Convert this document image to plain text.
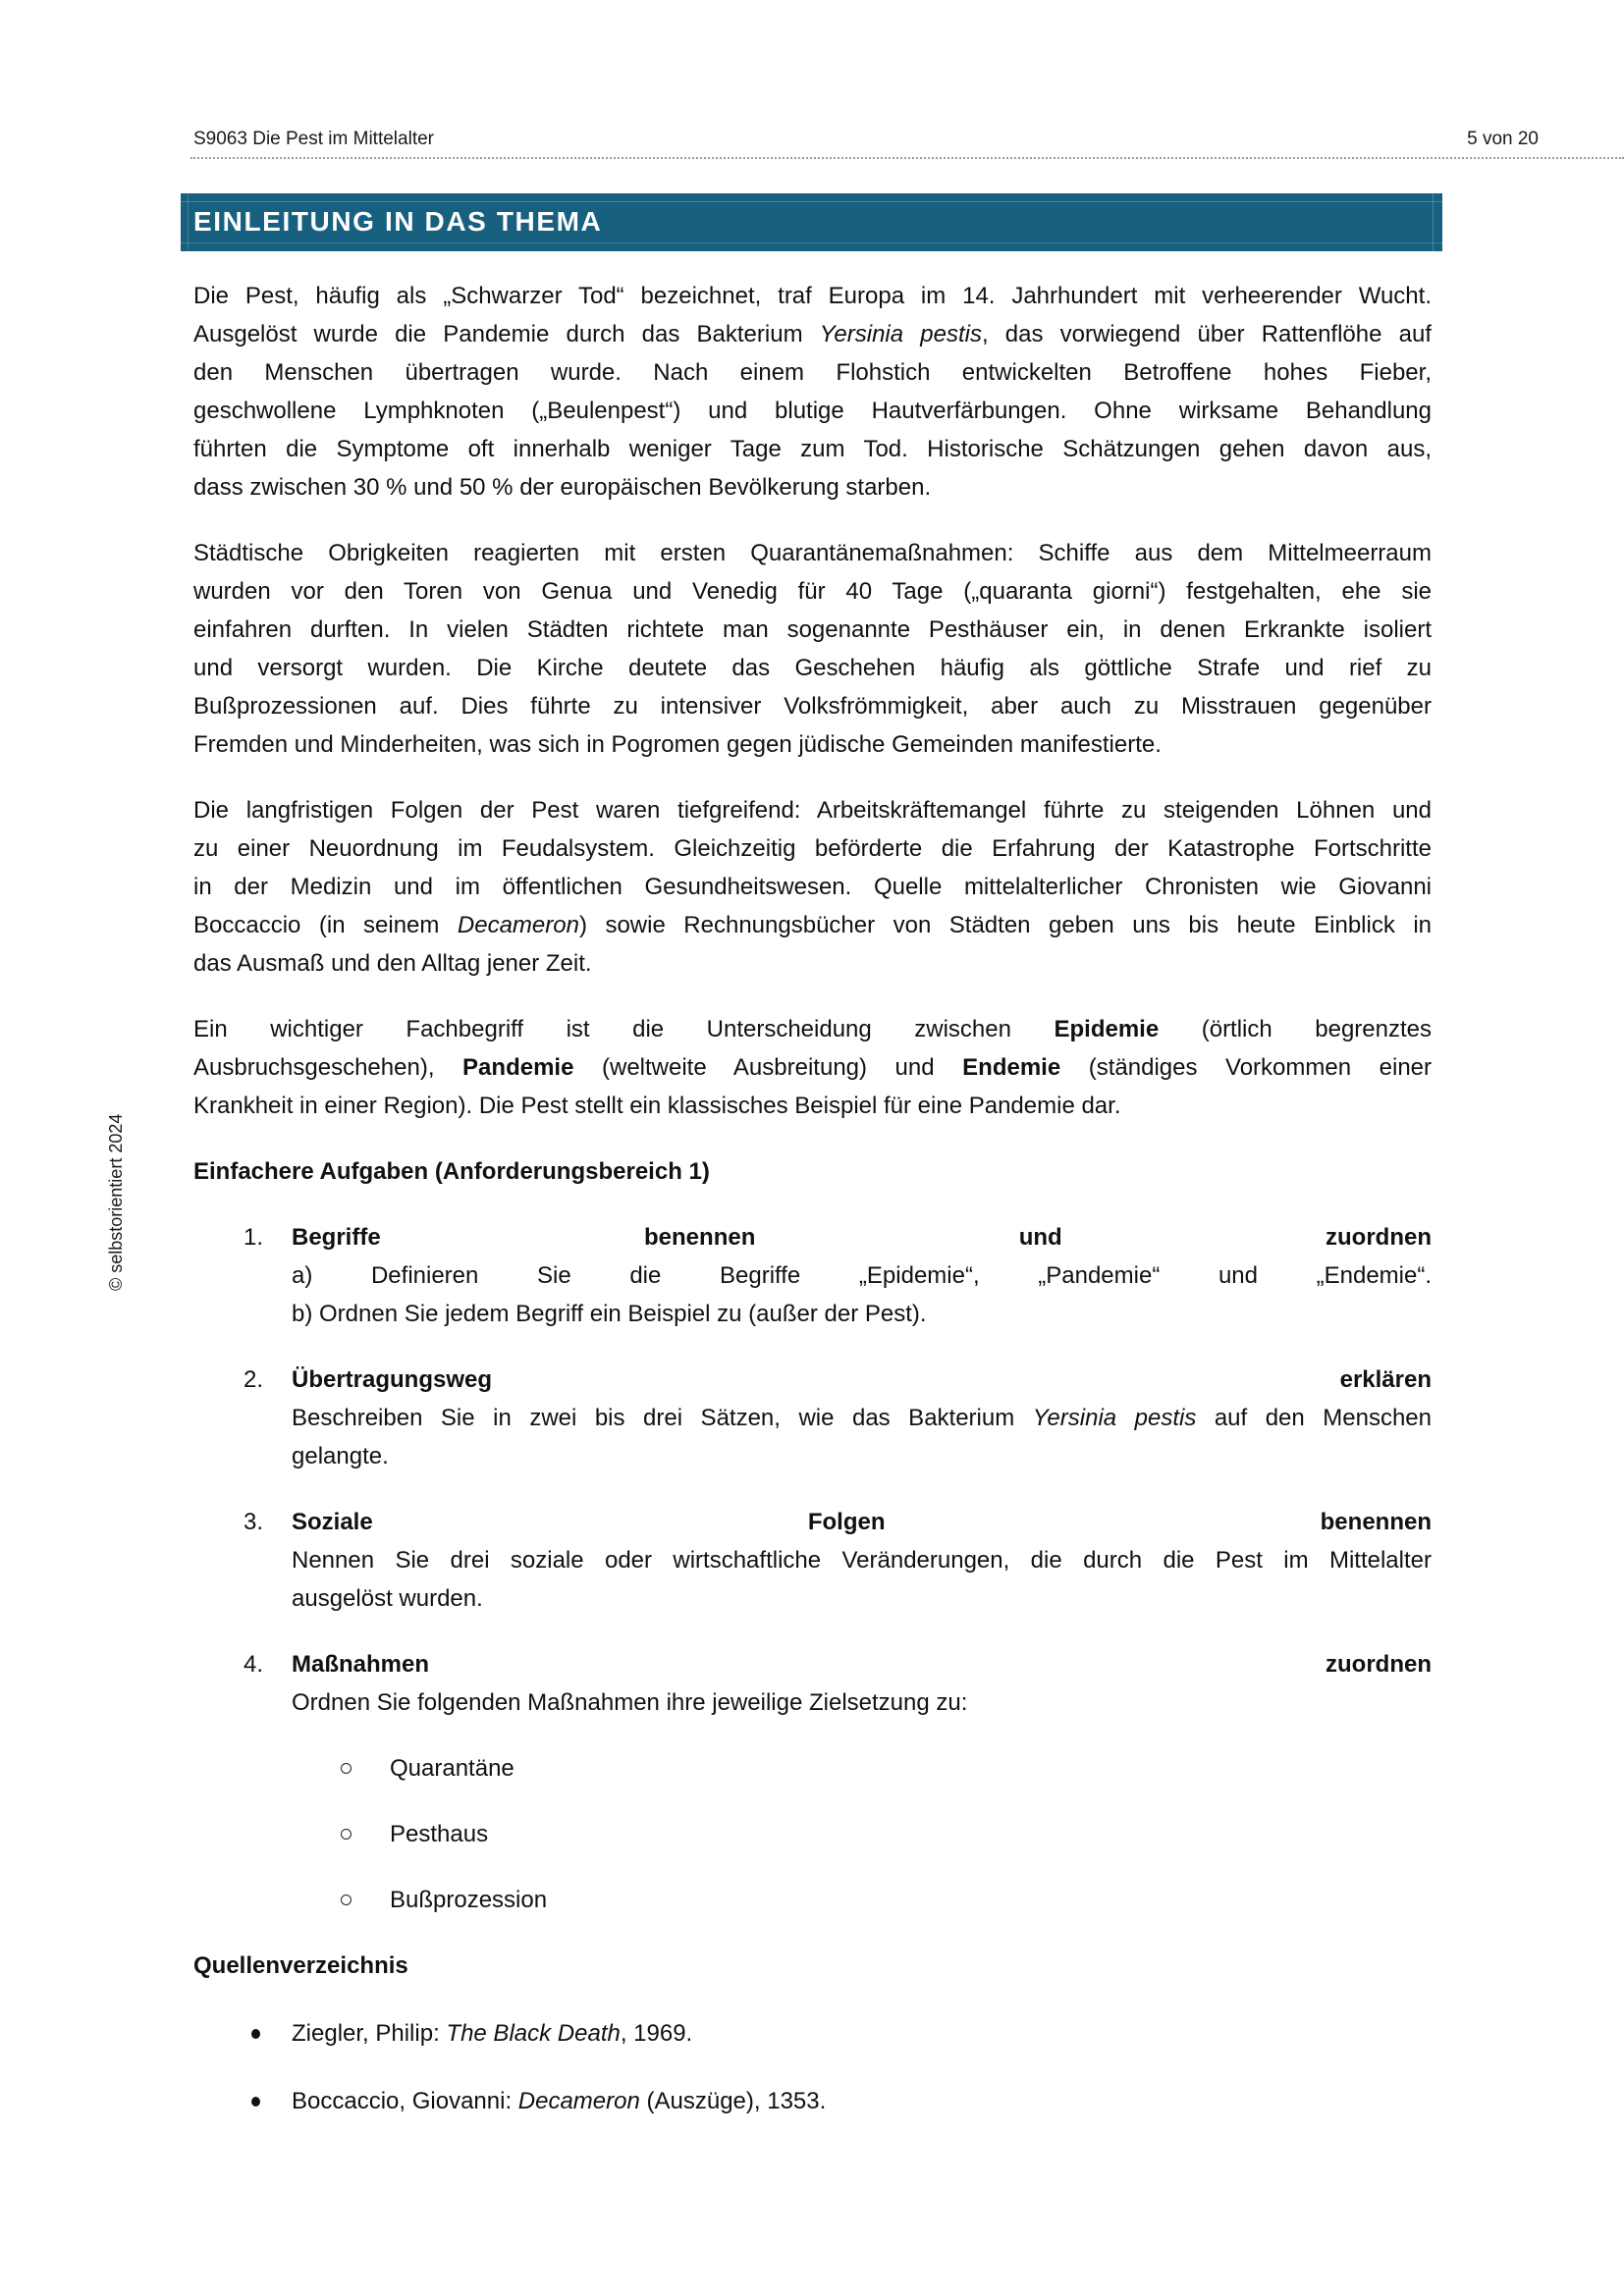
S9063 Die Pest im Mittelalter	5 von 20
© selbstorientiert 2024
EINLEITUNG IN DAS THEMA
Die Pest, häufig als „Schwarzer Tod“ bezeichnet, traf Europa im 14. Jahrhundert mit verheerender Wucht.
Ausgelöst wurde die Pandemie durch das Bakterium Yersinia pestis, das vorwiegend über Rattenflöhe auf
den Menschen übertragen wurde. Nach einem Flohstich entwickelten Betroffene hohes Fieber,
geschwollene Lymphknoten („Beulenpest“) und blutige Hautverfärbungen. Ohne wirksame Behandlung
führten die Symptome oft innerhalb weniger Tage zum Tod. Historische Schätzungen gehen davon aus,
dass zwischen 30 % und 50 % der europäischen Bevölkerung starben.
Städtische Obrigkeiten reagierten mit ersten Quarantänemaßnahmen: Schiffe aus dem Mittelmeerraum
wurden vor den Toren von Genua und Venedig für 40 Tage („quaranta giorni“) festgehalten, ehe sie
einfahren durften. In vielen Städten richtete man sogenannte Pesthäuser ein, in denen Erkrankte isoliert
und versorgt wurden. Die Kirche deutete das Geschehen häufig als göttliche Strafe und rief zu
Bußprozessionen auf. Dies führte zu intensiver Volksfrömmigkeit, aber auch zu Misstrauen gegenüber
Fremden und Minderheiten, was sich in Pogromen gegen jüdische Gemeinden manifestierte.
Die langfristigen Folgen der Pest waren tiefgreifend: Arbeitskräftemangel führte zu steigenden Löhnen und
zu einer Neuordnung im Feudalsystem. Gleichzeitig beförderte die Erfahrung der Katastrophe Fortschritte
in der Medizin und im öffentlichen Gesundheitswesen. Quelle mittelalterlicher Chronisten wie Giovanni
Boccaccio (in seinem Decameron) sowie Rechnungsbücher von Städten geben uns bis heute Einblick in
das Ausmaß und den Alltag jener Zeit.
Ein wichtiger Fachbegriff ist die Unterscheidung zwischen Epidemie (örtlich begrenztes
Ausbruchsgeschehen), Pandemie (weltweite Ausbreitung) und Endemie (ständiges Vorkommen einer
Krankheit in einer Region). Die Pest stellt ein klassisches Beispiel für eine Pandemie dar.
Einfachere Aufgaben (Anforderungsbereich 1)
1. Begriffe benennen und zuordnen
a) Definieren Sie die Begriffe „Epidemie“, „Pandemie“ und „Endemie“.
b) Ordnen Sie jedem Begriff ein Beispiel zu (außer der Pest).
2. Übertragungsweg erklären
Beschreiben Sie in zwei bis drei Sätzen, wie das Bakterium Yersinia pestis auf den Menschen
gelangte.
3. Soziale Folgen benennen
Nennen Sie drei soziale oder wirtschaftliche Veränderungen, die durch die Pest im Mittelalter
ausgelöst wurden.
4. Maßnahmen zuordnen
Ordnen Sie folgenden Maßnahmen ihre jeweilige Zielsetzung zu:
Quarantäne
Pesthaus
Bußprozession
Quellenverzeichnis
Ziegler, Philip: The Black Death, 1969.
Boccaccio, Giovanni: Decameron (Auszüge), 1353.
